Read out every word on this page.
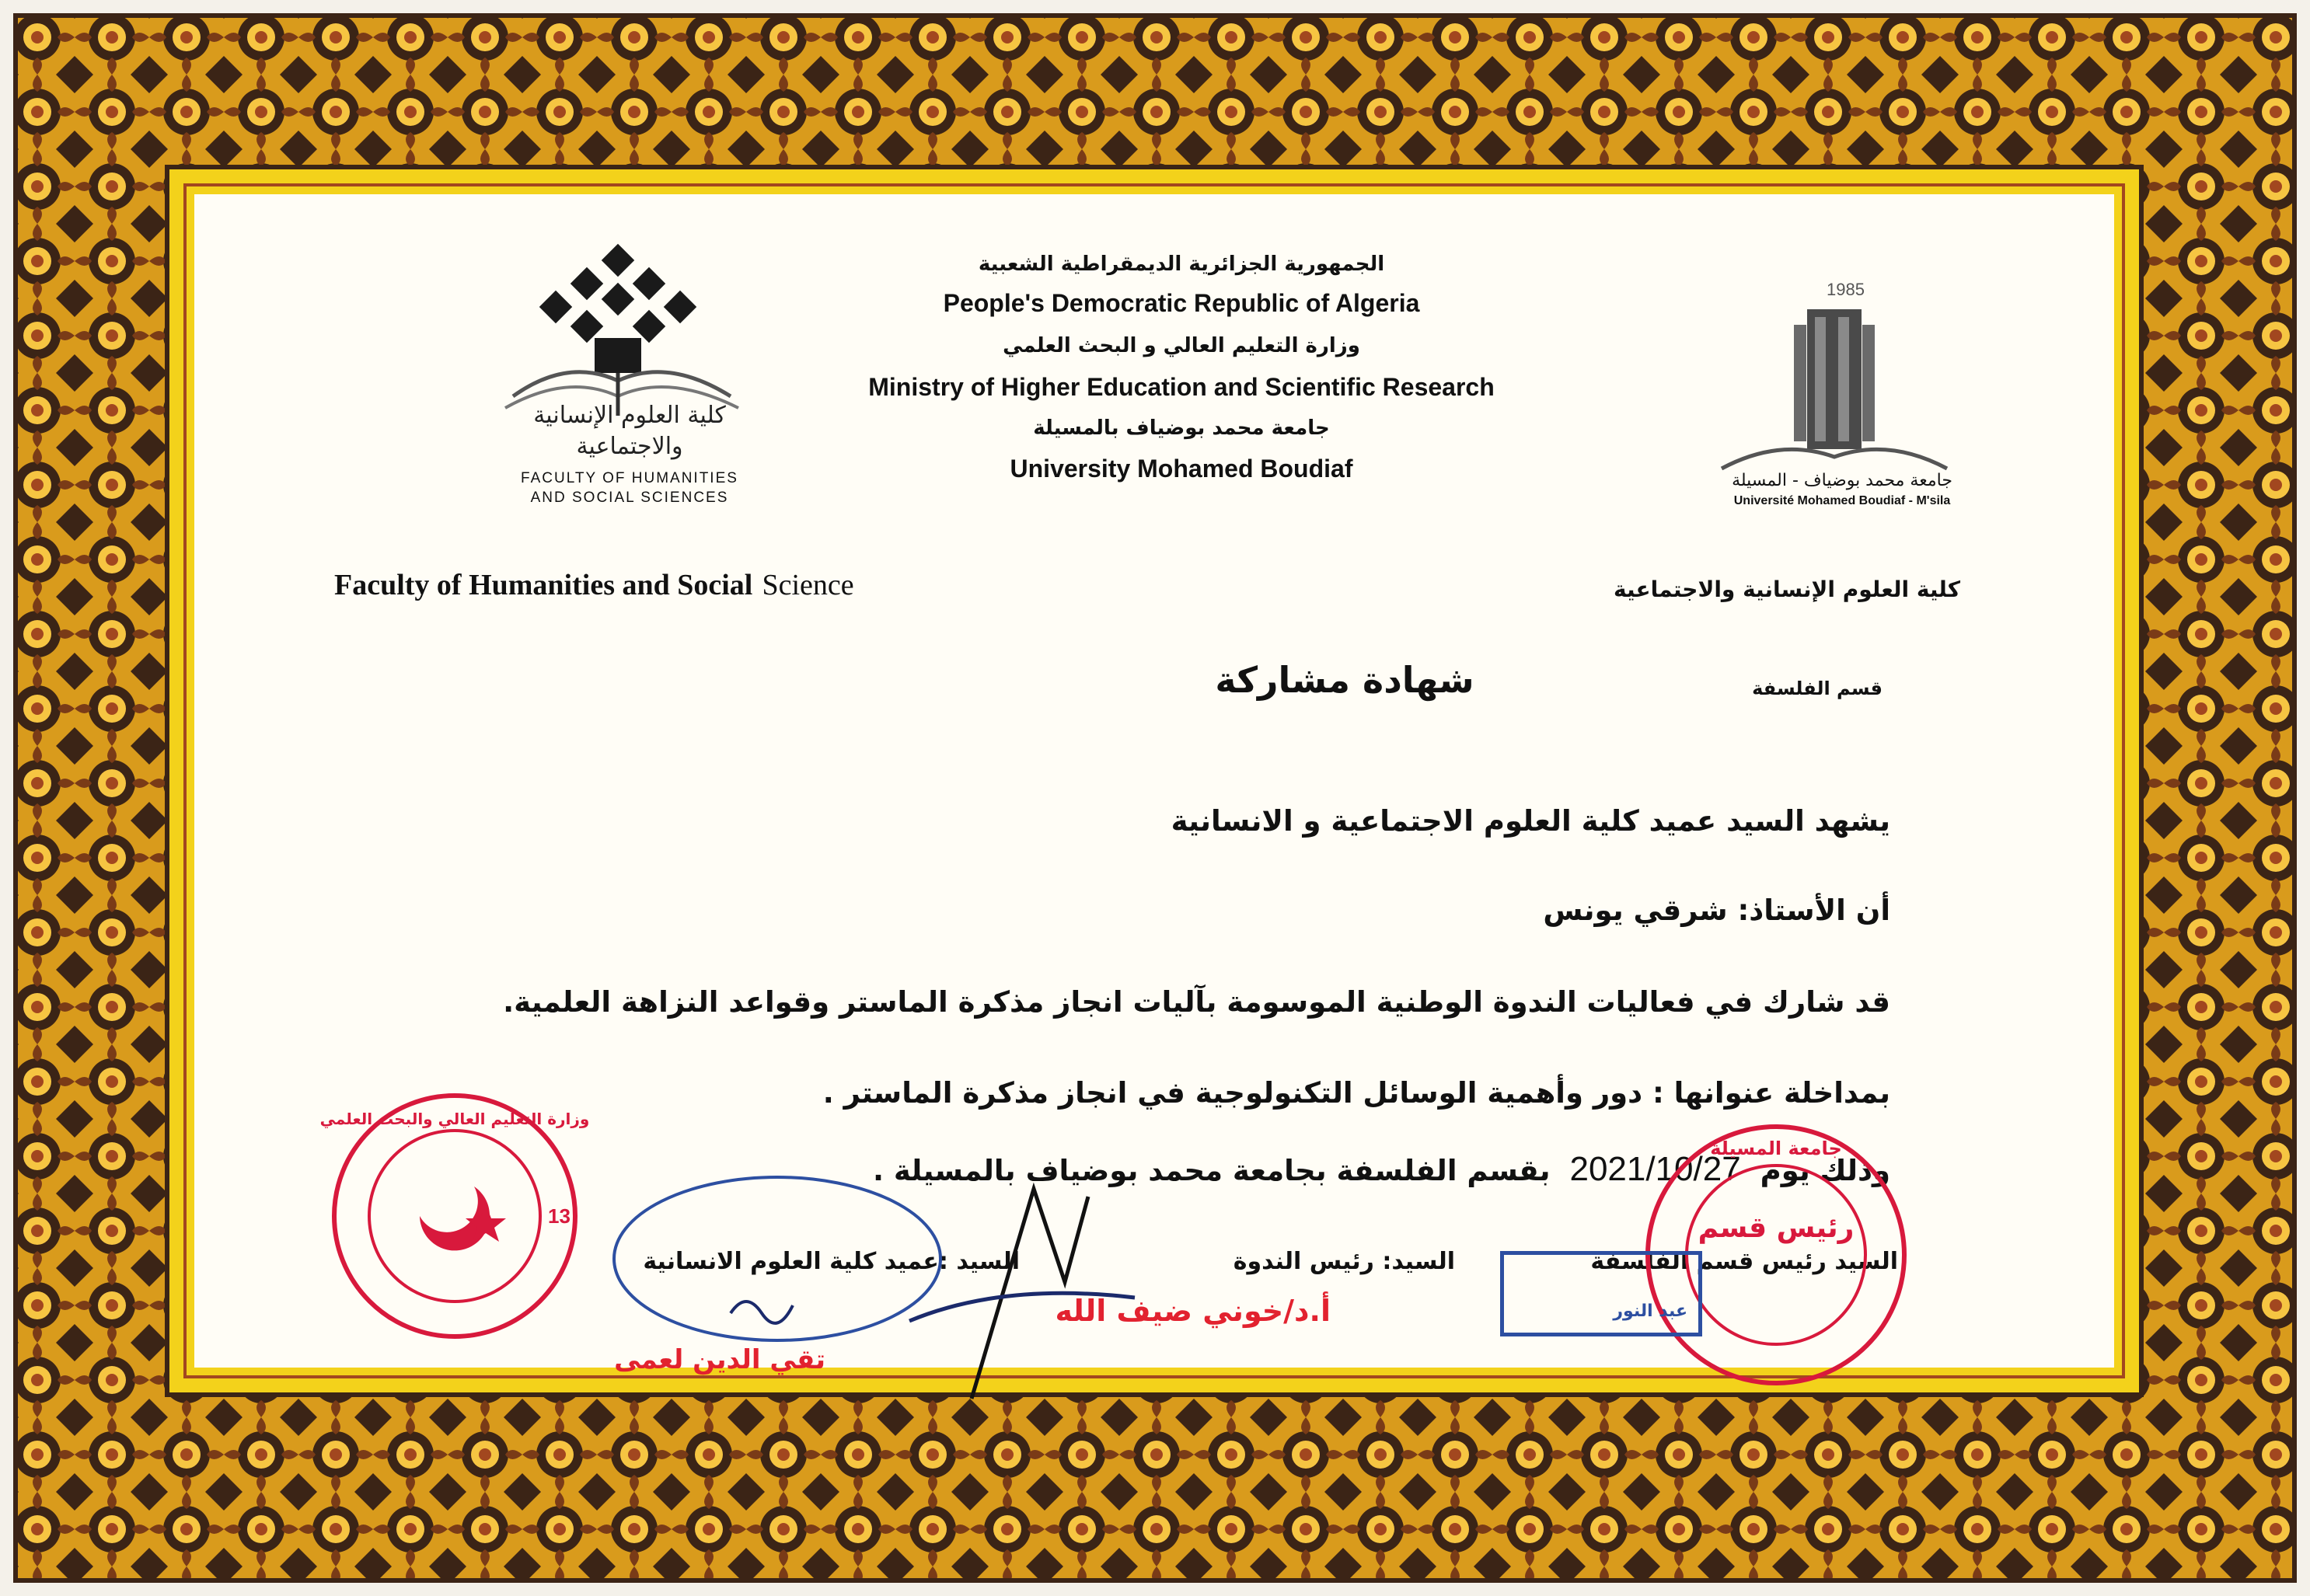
كلية العلوم الإنسانية والاجتماعية
FACULTY OF HUMANITIES
AND SOCIAL SCIENCES
1985
جامعة محمد بوضياف - المسيلة
Université Mohamed Boudiaf - M'sila
الجمهورية الجزائرية الديمقراطية الشعبية
People's Democratic Republic of Algeria
وزارة التعليم العالي و البحث العلمي
Ministry of Higher Education and Scientific Research
جامعة محمد بوضياف بالمسيلة
University Mohamed Boudiaf
Faculty of Humanities and Social Science	كلية العلوم الإنسانية والاجتماعية
شهادة مشاركة	قسم الفلسفة
يشهد السيد عميد كلية العلوم الاجتماعية و الانسانية
أن الأستاذ: شرقي يونس
قد شارك في فعاليات الندوة الوطنية الموسومة بآليات انجاز مذكرة الماستر وقواعد النزاهة العلمية.
بمداخلة عنوانها : دور وأهمية الوسائل التكنولوجية في انجاز مذكرة الماستر .
وذلك يوم 2021/10/27 بقسم الفلسفة بجامعة محمد بوضياف بالمسيلة .
السيد رئيس قسم الفلسفة
السيد: رئيس الندوة
السيد :عميد كلية العلوم الانسانية
أ.د/خوني ضيف الله
تقي الدين لعمى
وزارة التعليم العالي والبحث العلمي
13
جامعة المسيلة
رئيس قسم
عبد النور
